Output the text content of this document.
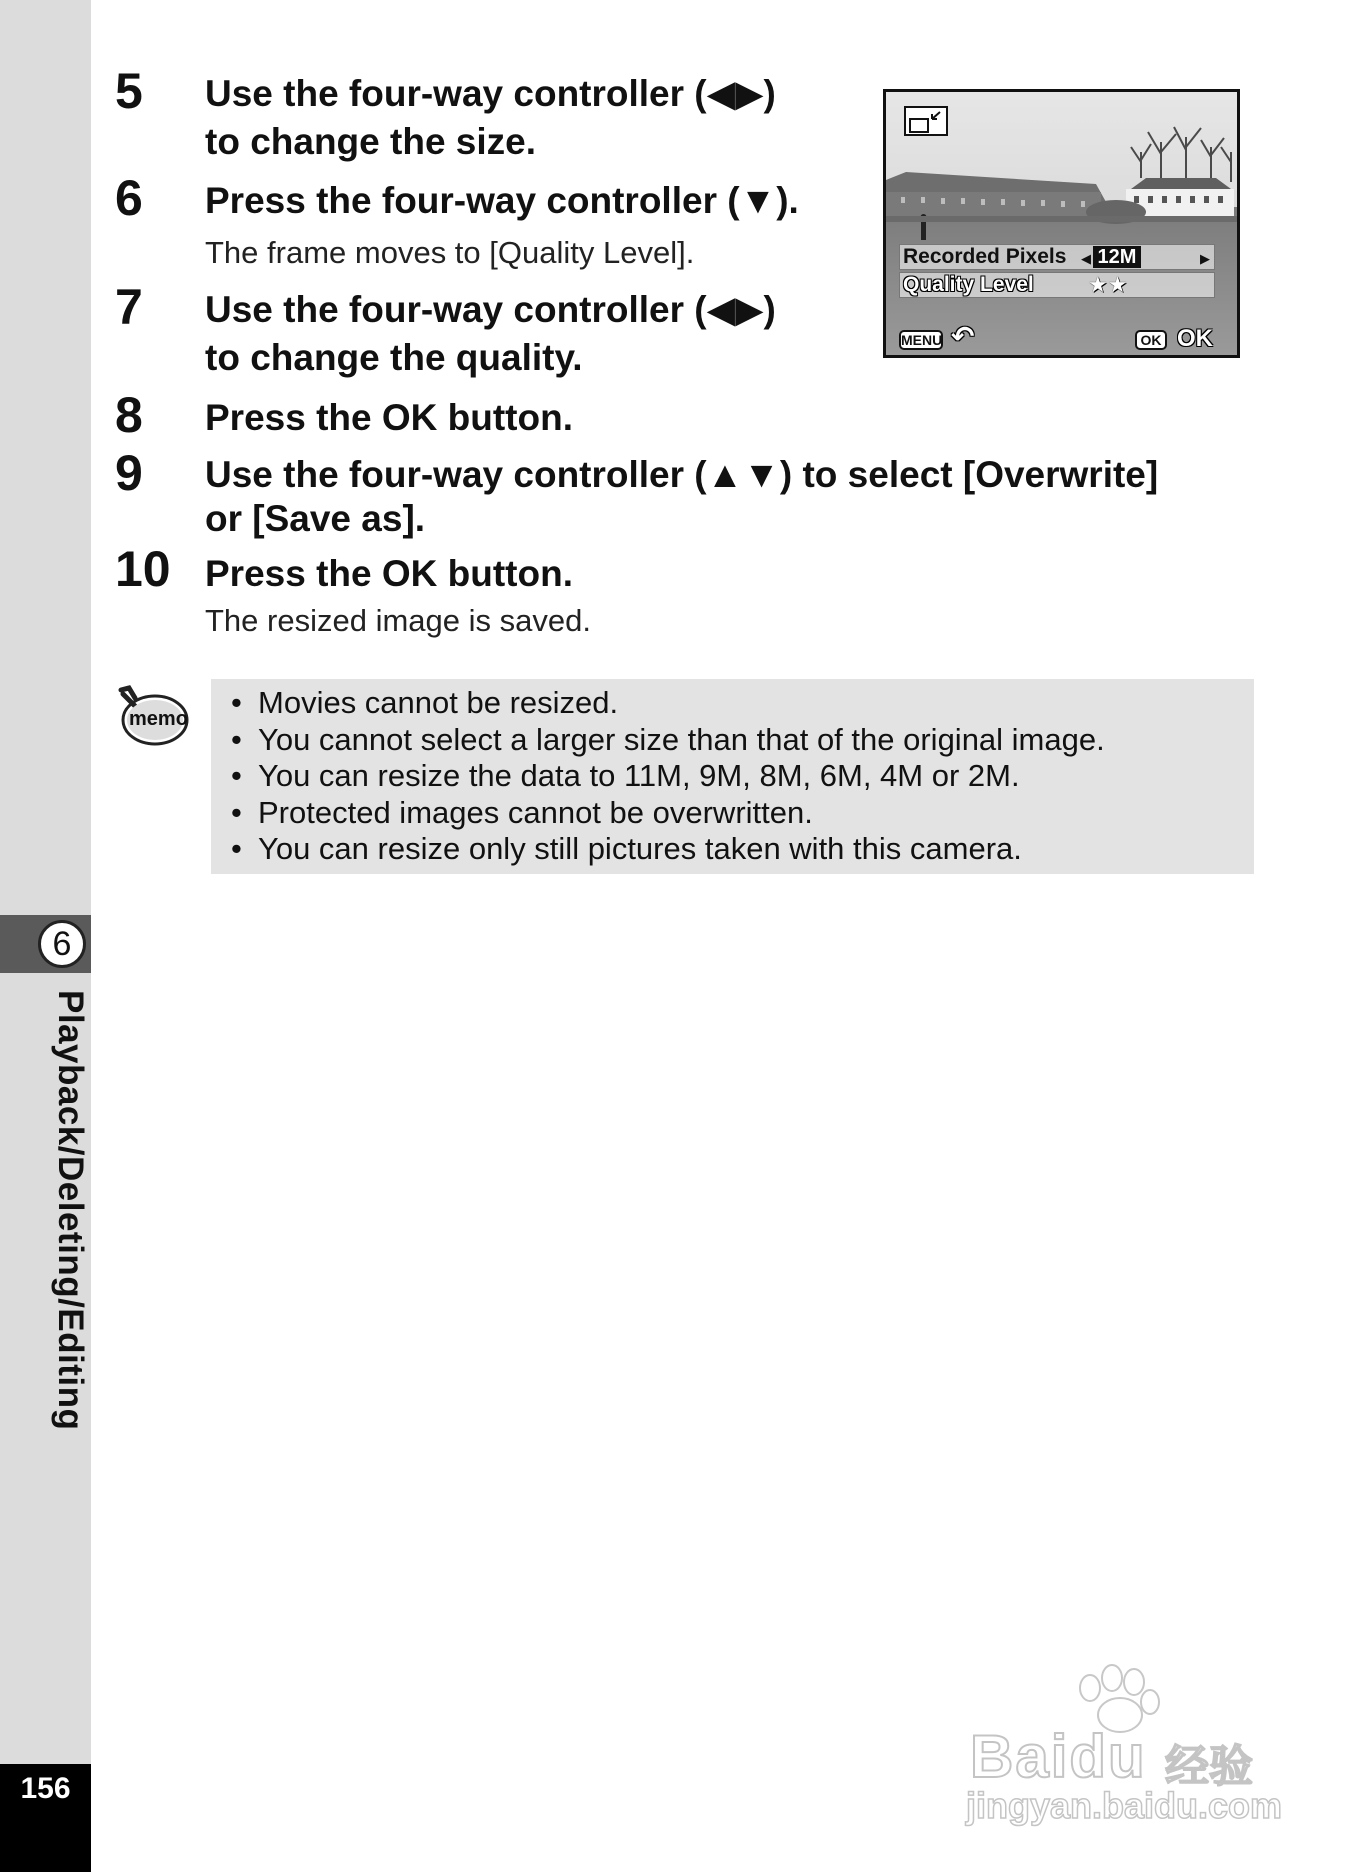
6
Playback/Deleting/Editing
156
5 Use the four-way controller (◀▶)
to change the size.
6 Press the four-way controller (▼).
The frame moves to [Quality Level].
7 Use the four-way controller (◀▶)
to change the quality.
8 Press the OK button.
9 Use the four-way controller (▲▼) to select [Overwrite]
or [Save as].
10 Press the OK button.
The resized image is saved.
Recorded Pixels ◀ 12M	▶
Quality Level ★★
MENU ↶	OK OK
memo
•	Movies cannot be resized.
• You cannot select a larger size than that of the original image.
• You can resize the data to 11M, 9M, 8M, 6M, 4M or 2M.
• Protected images cannot be overwritten.
• You can resize only still pictures taken with this camera.
Baidu 经验
jingyan.baidu.com
